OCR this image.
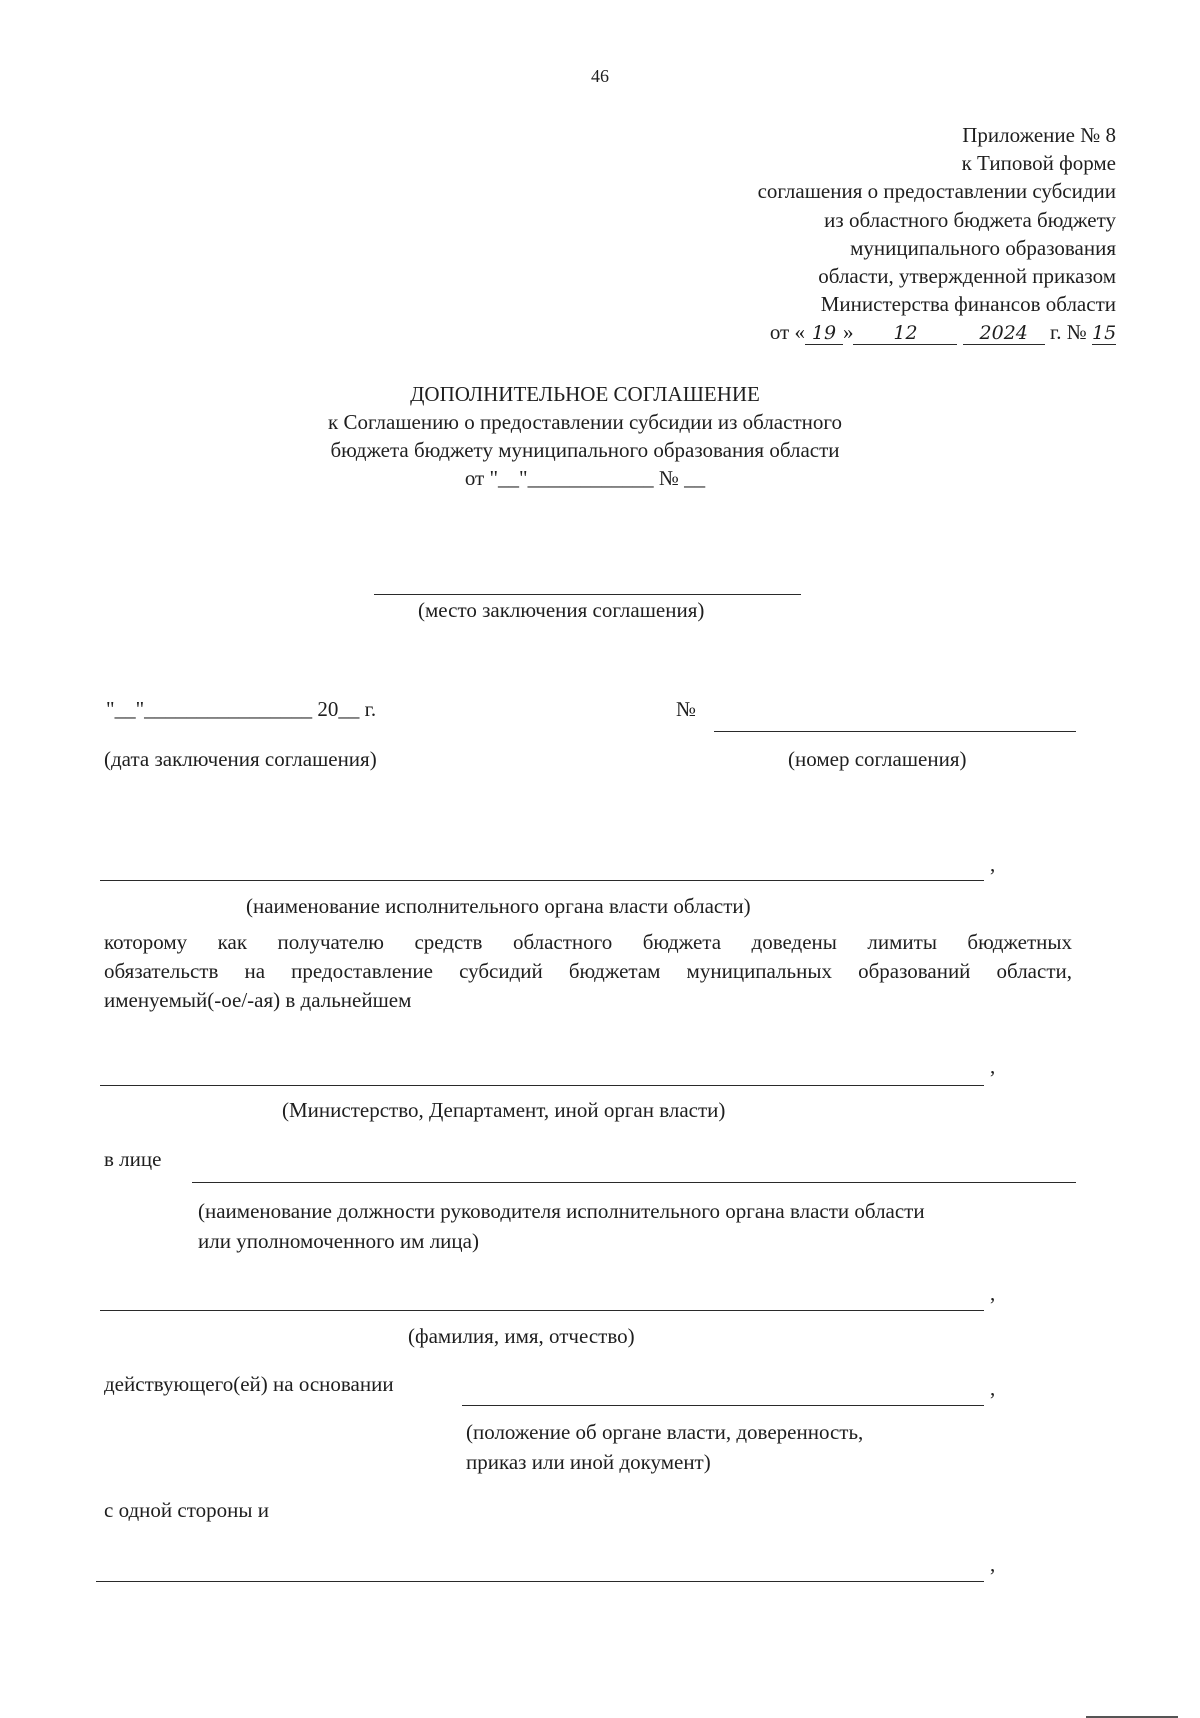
46
Приложение № 8
к Типовой форме
соглашения о предоставлении субсидии
из областного бюджета бюджету
муниципального образования
области, утвержденной приказом
Министерства финансов области
от « 19 » 12	2024 г. № 15
ДОПОЛНИТЕЛЬНОЕ СОГЛАШЕНИЕ
к Соглашению о предоставлении субсидии из областного
бюджета бюджету муниципального образования области
от "__"____________ № __
(место заключения соглашения)
"__"________________ 20__ г.	№
(дата заключения соглашения)	(номер соглашения)
,
(наименование исполнительного органа власти области)
которому как получателю средств областного бюджета доведены лимиты бюджетных
обязательств на предоставление субсидий бюджетам муниципальных образований области,
именуемый(-ое/-ая) в дальнейшем
,
(Министерство, Департамент, иной орган власти)
в лице
(наименование должности руководителя исполнительного органа власти области
или уполномоченного им лица)
,
(фамилия, имя, отчество)
действующего(ей) на основании	,
(положение об органе власти, доверенность,
приказ или иной документ)
с одной стороны и
,
